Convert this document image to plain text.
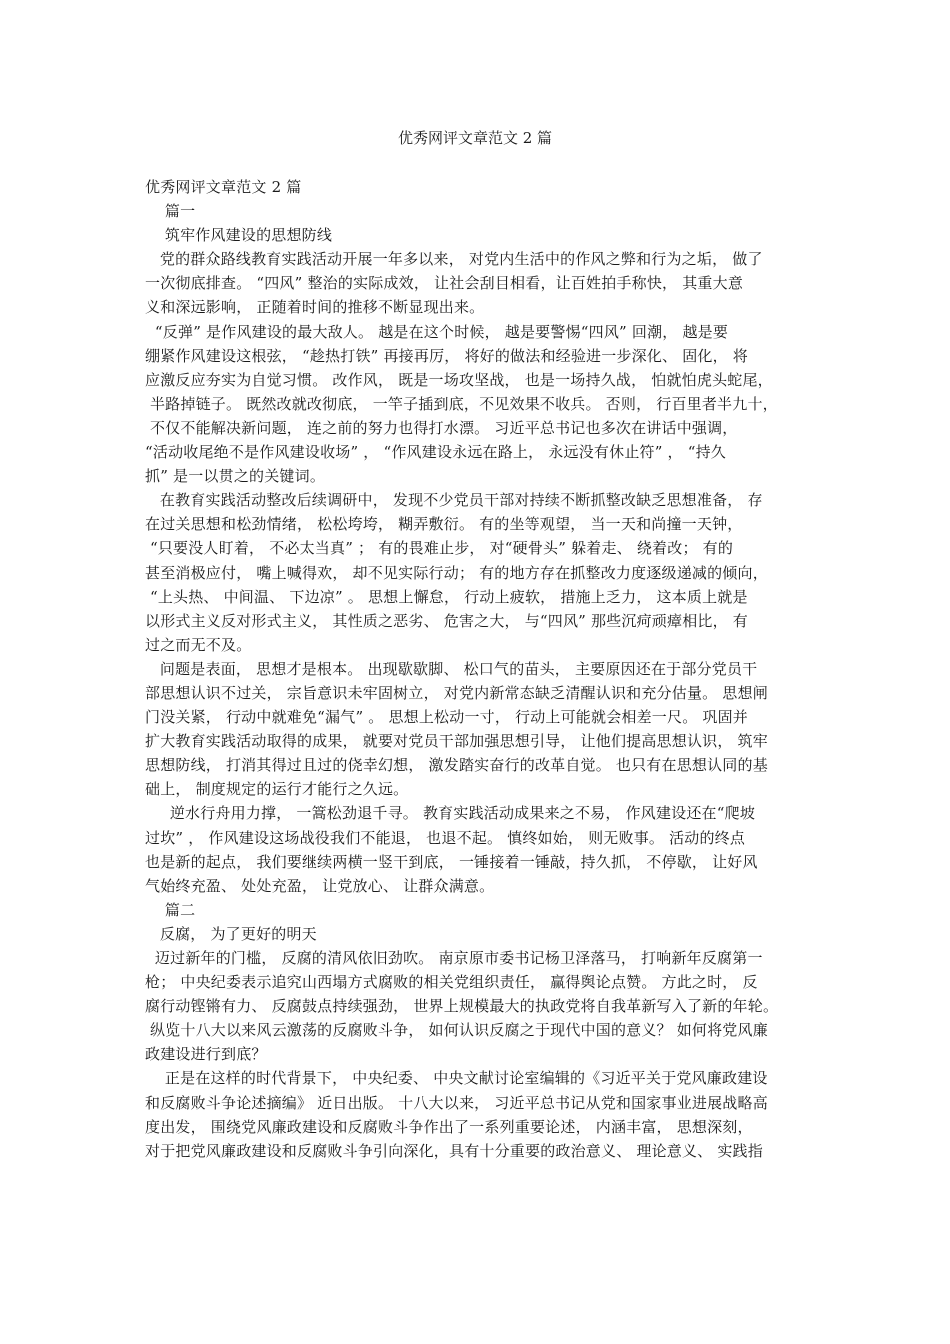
优秀网评文章范文 2 篇
优秀网评文章范文 2 篇
篇一
筑牢作风建设的思想防线
党的群众路线教育实践活动开展一年多以来， 对党内生活中的作风之弊和行为之垢， 做了
一次彻底排查。 “四风” 整治的实际成效， 让社会刮目相看，让百姓拍手称快， 其重大意
义和深远影响， 正随着时间的推移不断显现出来。
“反弹” 是作风建设的最大敌人。 越是在这个时候， 越是要警惕“四风” 回潮， 越是要
绷紧作风建设这根弦， “趁热打铁” 再接再厉， 将好的做法和经验进一步深化、 固化， 将
应激反应夯实为自觉习惯。 改作风， 既是一场攻坚战， 也是一场持久战， 怕就怕虎头蛇尾，
半路掉链子。 既然改就改彻底， 一竿子插到底，不见效果不收兵。 否则， 行百里者半九十，
不仅不能解决新问题， 连之前的努力也得打水漂。 习近平总书记也多次在讲话中强调，
“活动收尾绝不是作风建设收场” ， “作风建设永远在路上， 永远没有休止符” ， “持久
抓” 是一以贯之的关键词。
在教育实践活动整改后续调研中， 发现不少党员干部对持续不断抓整改缺乏思想准备， 存
在过关思想和松劲情绪， 松松垮垮， 糊弄敷衍。 有的坐等观望， 当一天和尚撞一天钟，
“只要没人盯着， 不必太当真” ； 有的畏难止步， 对“硬骨头” 躲着走、 绕着改； 有的
甚至消极应付， 嘴上喊得欢， 却不见实际行动； 有的地方存在抓整改力度逐级递减的倾向，
“上头热、 中间温、 下边凉” 。 思想上懈怠， 行动上疲软， 措施上乏力， 这本质上就是
以形式主义反对形式主义， 其性质之恶劣、 危害之大， 与“四风” 那些沉疴顽瘴相比， 有
过之而无不及。
问题是表面， 思想才是根本。 出现歇歇脚、 松口气的苗头， 主要原因还在于部分党员干
部思想认识不过关， 宗旨意识未牢固树立， 对党内新常态缺乏清醒认识和充分估量。 思想闸
门没关紧， 行动中就难免“漏气” 。 思想上松动一寸， 行动上可能就会相差一尺。 巩固并
扩大教育实践活动取得的成果， 就要对党员干部加强思想引导， 让他们提高思想认识， 筑牢
思想防线， 打消其得过且过的侥幸幻想， 激发踏实奋行的改革自觉。 也只有在思想认同的基
础上， 制度规定的运行才能行之久远。
逆水行舟用力撑， 一篙松劲退千寻。 教育实践活动成果来之不易， 作风建设还在“爬坡
过坎” ， 作风建设这场战役我们不能退， 也退不起。 慎终如始， 则无败事。 活动的终点
也是新的起点， 我们要继续两横一竖干到底， 一锤接着一锤敲，持久抓， 不停歇， 让好风
气始终充盈、 处处充盈， 让党放心、 让群众满意。
篇二
反腐， 为了更好的明天
迈过新年的门槛， 反腐的清风依旧劲吹。 南京原市委书记杨卫泽落马， 打响新年反腐第一
枪； 中央纪委表示追究山西塌方式腐败的相关党组织责任， 赢得舆论点赞。 方此之时， 反
腐行动铿锵有力、 反腐鼓点持续强劲， 世界上规模最大的执政党将自我革新写入了新的年轮。
纵览十八大以来风云激荡的反腐败斗争， 如何认识反腐之于现代中国的意义？ 如何将党风廉
政建设进行到底？
正是在这样的时代背景下， 中央纪委、 中央文献讨论室编辑的《习近平关于党风廉政建设
和反腐败斗争论述摘编》 近日出版。 十八大以来， 习近平总书记从党和国家事业进展战略高
度出发， 围绕党风廉政建设和反腐败斗争作出了一系列重要论述， 内涵丰富， 思想深刻，
对于把党风廉政建设和反腐败斗争引向深化，具有十分重要的政治意义、 理论意义、 实践指
